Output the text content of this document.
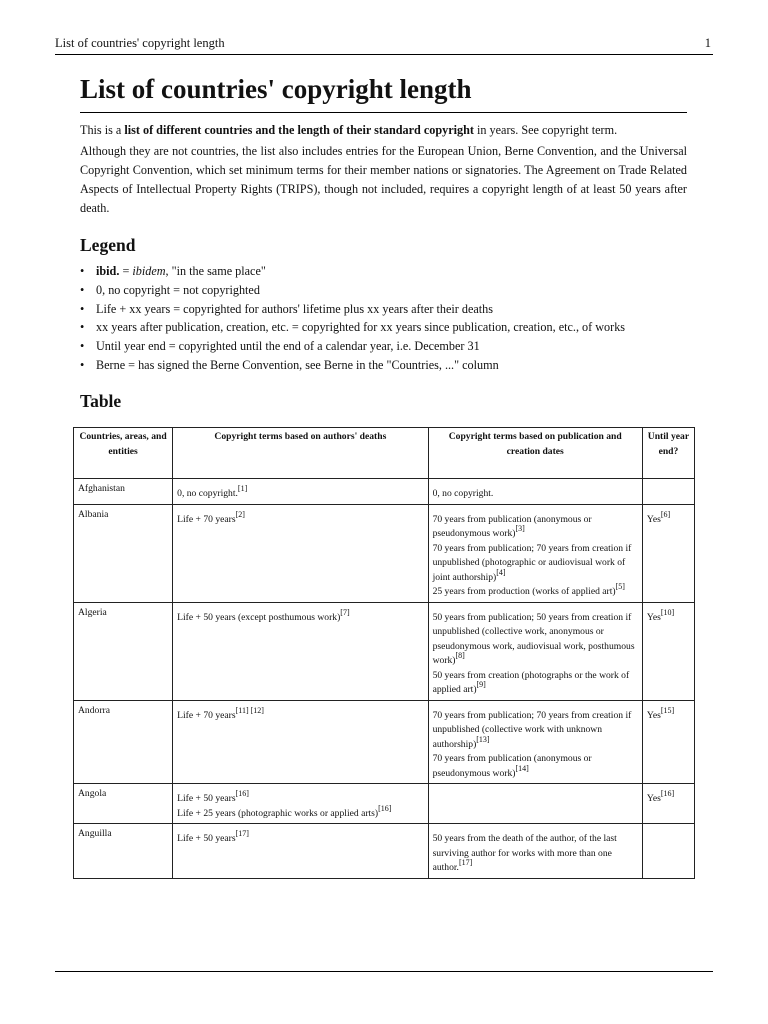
List of countries' copyright length	1
List of countries' copyright length

This is a list of different countries and the length of their standard copyright in years. See copyright term.

Although they are not countries, the list also includes entries for the European Union, Berne Convention, and the Universal Copyright Convention, which set minimum terms for their member nations or signatories. The Agreement on Trade Related Aspects of Intellectual Property Rights (TRIPS), though not included, requires a copyright length of at least 50 years after death.

Legend
• ibid. = ibidem, "in the same place"
• 0, no copyright = not copyrighted
• Life + xx years = copyrighted for authors' lifetime plus xx years after their deaths
• xx years after publication, creation, etc. = copyrighted for xx years since publication, creation, etc., of works
• Until year end = copyrighted until the end of a calendar year, i.e. December 31
• Berne = has signed the Berne Convention, see Berne in the "Countries, ..." column
Table
Countries, areas, and entities	Copyright terms based on authors' deaths	Copyright terms based on publication and creation dates	Until year end?
Afghanistan	0, no copyright.[1]	0, no copyright.	

Albania	Life + 70 years[2]	70 years from publication (anonymous or pseudonymous work)[3]
70 years from publication; 70 years from creation if unpublished (photographic or audiovisual work of joint authorship)[4]
25 years from production (works of applied art)[5]	Yes[6]

Algeria	Life + 50 years (except posthumous work)[7]	50 years from publication; 50 years from creation if unpublished (collective work, anonymous or pseudonymous work, audiovisual work, posthumous work)[8]
50 years from creation (photographs or the work of applied art)[9]	Yes[10]

Andorra	Life + 70 years[11] [12]	70 years from publication; 70 years from creation if unpublished (collective work with unknown authorship)[13]
70 years from publication (anonymous or pseudonymous work)[14]	Yes[15]

Angola	Life + 50 years[16]
Life + 25 years (photographic works or applied arts)[16]		Yes[16]

Anguilla	Life + 50 years[17]	50 years from the death of the author, of the last surviving author for works with more than one author.[17]
